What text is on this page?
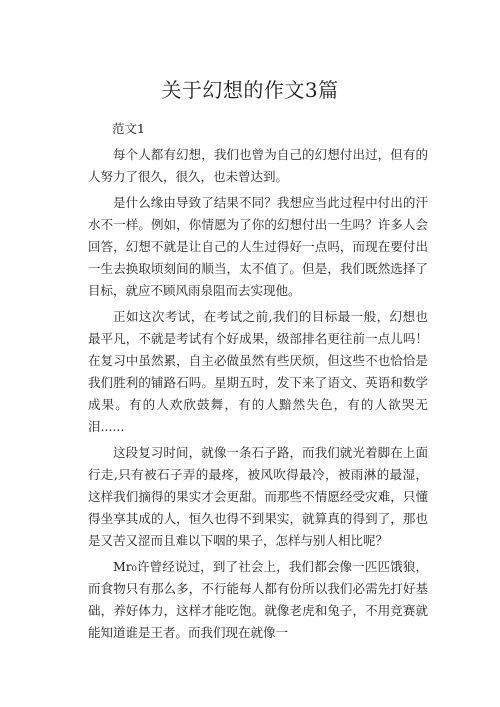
关于幻想的作文3篇
范文1

每个人都有幻想，我们也曾为自己的幻想付出过，但有的人努力了很久，很久，也未曾达到。

是什么缘由导致了结果不同？我想应当此过程中付出的汗水不一样。例如，你情愿为了你的幻想付出一生吗？许多人会回答，幻想不就是让自己的人生过得好一点吗，而现在要付出一生去换取顷刻间的顺当，太不值了。但是，我们既然选择了目标，就应不顾风雨泉阻而去实现他。

正如这次考试，在考试之前,我们的目标最一般，幻想也最平凡，不就是考试有个好成果，级部排名更往前一点儿吗！在复习中虽然累，自主必做虽然有些厌烦，但这些不也恰恰是我们胜利的铺路石吗。星期五时，发下来了语文、英语和数学成果。有的人欢欣鼓舞，有的人黯然失色，有的人欲哭无泪......

这段复习时间，就像一条石子路，而我们就光着脚在上面行走,只有被石子弄的最疼，被风吹得最冷，被雨淋的最湿，这样我们摘得的果实才会更甜。而那些不情愿经受灾难，只懂得坐享其成的人，恒久也得不到果实，就算真的得到了，那也是又苦又涩而且难以下咽的果子，怎样与别人相比呢？

Mr₀许曾经说过，到了社会上，我们都会像一匹匹饿狼，而食物只有那么多，不行能每人都有份所以我们必需先打好基础，养好体力，这样才能吃饱。就像老虎和兔子，不用竞赛就能知道谁是王者。而我们现在就像一
